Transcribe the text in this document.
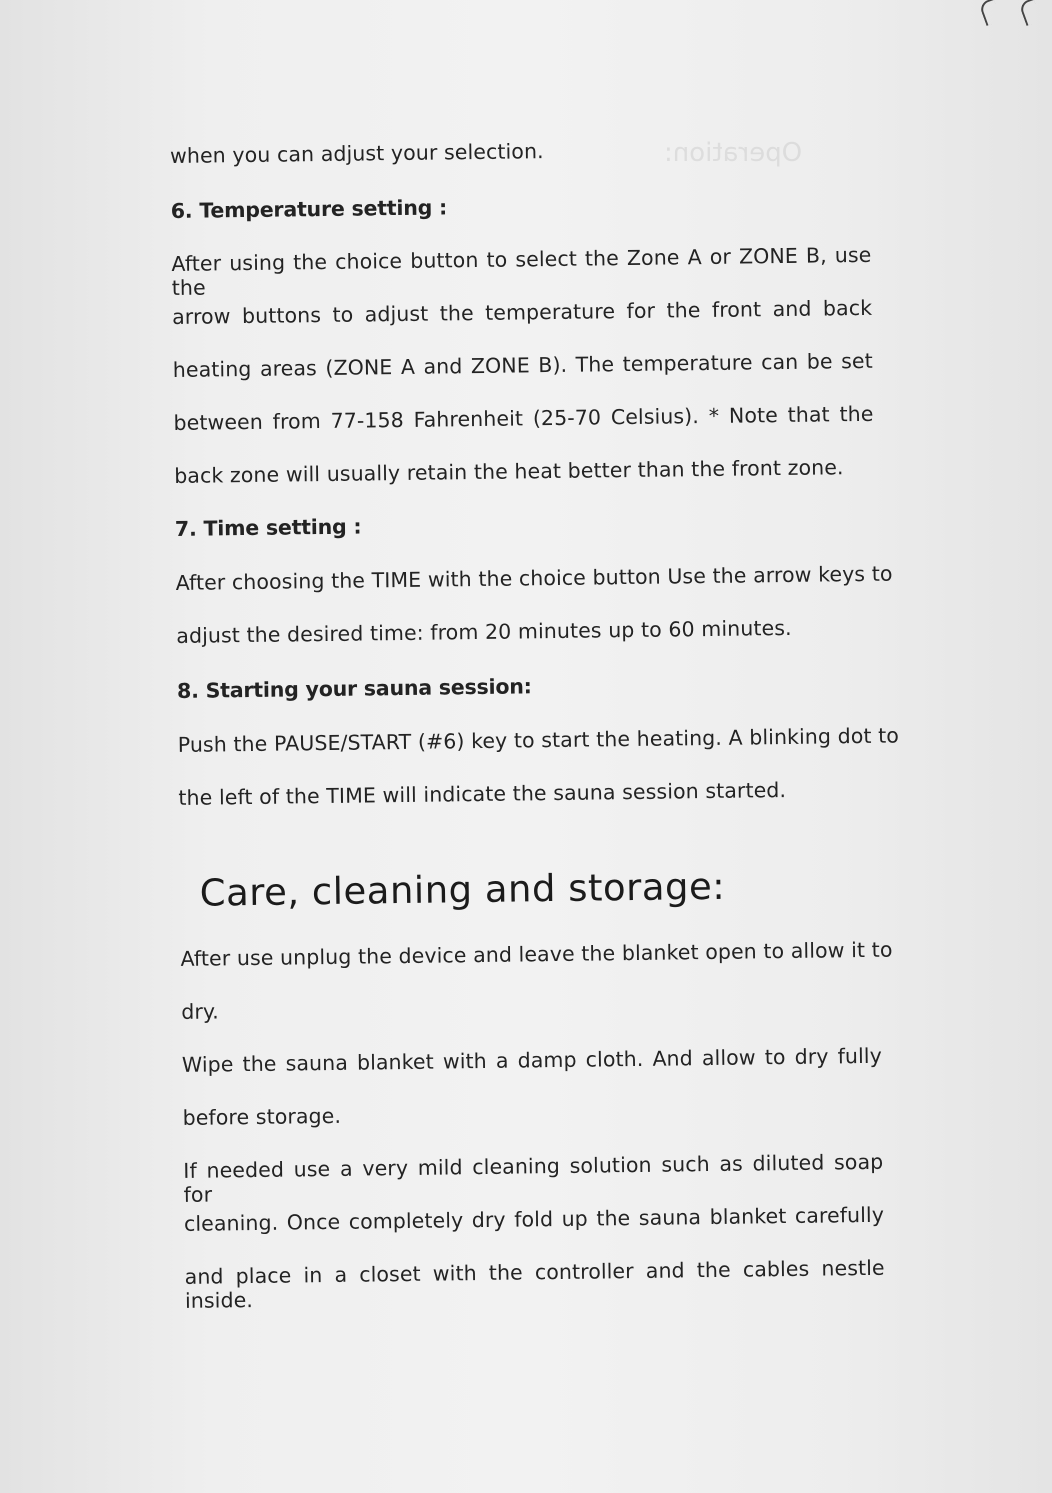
Operation:
when you can adjust your selection.
6. Temperature setting :
After using the choice button to select the Zone A or ZONE B, use the
arrow buttons to adjust the temperature for the front and back
heating areas (ZONE A and ZONE B). The temperature can be set
between from 77-158 Fahrenheit (25-70 Celsius). * Note that the
back zone will usually retain the heat better than the front zone.
7. Time setting :
After choosing the TIME with the choice button Use the arrow keys to
adjust the desired time: from 20 minutes up to 60 minutes.
8. Starting your sauna session:
Push the PAUSE/START (#6) key to start the heating. A blinking dot to
the left of the TIME will indicate the sauna session started.
Care, cleaning and storage:
After use unplug the device and leave the blanket open to allow it to
dry.
Wipe the sauna blanket with a damp cloth. And allow to dry fully
before storage.
If needed use a very mild cleaning solution such as diluted soap for
cleaning. Once completely dry fold up the sauna blanket carefully
and place in a closet with the controller and the cables nestle inside.
